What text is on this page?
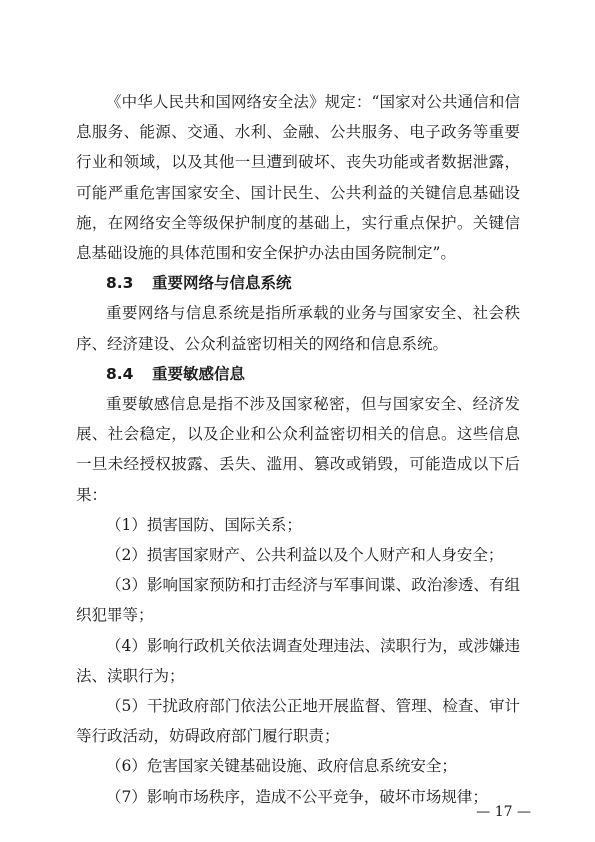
《中华人民共和国网络安全法》规定：“国家对公共通信和信
息服务、能源、交通、水利、金融、公共服务、电子政务等重要
行业和领域，以及其他一旦遭到破坏、丧失功能或者数据泄露，
可能严重危害国家安全、国计民生、公共利益的关键信息基础设
施，在网络安全等级保护制度的基础上，实行重点保护。关键信
息基础设施的具体范围和安全保护办法由国务院制定”。
8.3 重要网络与信息系统
重要网络与信息系统是指所承载的业务与国家安全、社会秩
序、经济建设、公众利益密切相关的网络和信息系统。
8.4 重要敏感信息
重要敏感信息是指不涉及国家秘密，但与国家安全、经济发
展、社会稳定，以及企业和公众利益密切相关的信息。这些信息
一旦未经授权披露、丢失、滥用、篡改或销毁，可能造成以下后
果：
（1）损害国防、国际关系；
（2）损害国家财产、公共利益以及个人财产和人身安全；
（3）影响国家预防和打击经济与军事间谍、政治渗透、有组
织犯罪等；
（4）影响行政机关依法调查处理违法、渎职行为，或涉嫌违
法、渎职行为；
（5）干扰政府部门依法公正地开展监督、管理、检查、审计
等行政活动，妨碍政府部门履行职责；
（6）危害国家关键基础设施、政府信息系统安全；
（7）影响市场秩序，造成不公平竞争，破坏市场规律；
— 17 —
